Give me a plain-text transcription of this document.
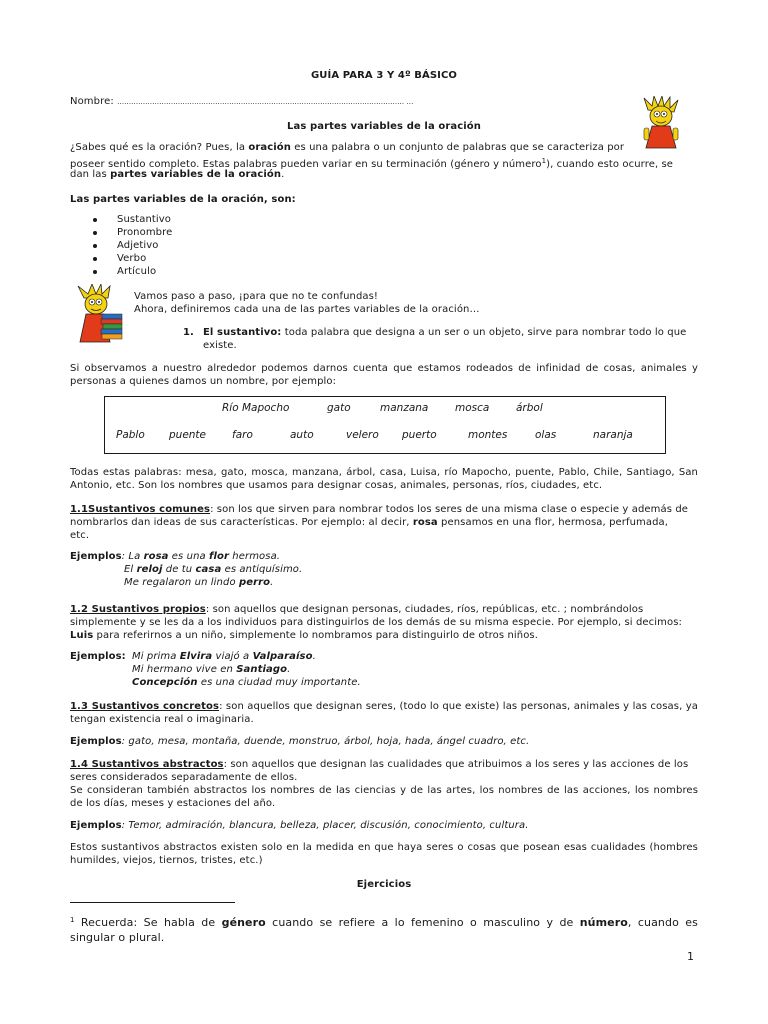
GUÍA PARA 3 Y 4º BÁSICO
Nombre: …………………………………………………………………………………………………………… …
Las partes variables de la oración
¿Sabes qué es la oración? Pues, la oración es una palabra o un conjunto de palabras que se caracteriza por
poseer sentido completo. Estas palabras pueden variar en su terminación (género y número$^1$), cuando esto ocurre, se
dan las partes variables de la oración.
Las partes variables de la oración, son:
Sustantivo
Pronombre
Adjetivo
Verbo
Artículo
Vamos paso a paso, ¡para que no te confundas!
Ahora, definiremos cada una de las partes variables de la oración…
1. El sustantivo: toda palabra que designa a un ser o un objeto, sirve para nombrar todo lo que
existe.
Si observamos a nuestro alrededor podemos darnos cuenta que estamos rodeados de infinidad de cosas, animales y
personas a quienes damos un nombre, por ejemplo:
Río Mapocho	gato	manzana	mosca	árbol
Pablo puente faro	auto	velero puerto	montes	olas	naranja
Todas estas palabras: mesa, gato, mosca, manzana, árbol, casa, Luisa, río Mapocho, puente, Pablo, Chile, Santiago, San
Antonio, etc. Son los nombres que usamos para designar cosas, animales, personas, ríos, ciudades, etc.
1.1Sustantivos comunes: son los que sirven para nombrar todos los seres de una misma clase o especie y además de
nombrarlos dan ideas de sus características. Por ejemplo: al decir, rosa pensamos en una flor, hermosa, perfumada,
etc.
Ejemplos: La rosa es una flor hermosa.
El reloj de tu casa es antiquísimo.
Me regalaron un lindo perro.
1.2 Sustantivos propios: son aquellos que designan personas, ciudades, ríos, repúblicas, etc. ; nombrándolos
simplemente y se les da a los individuos para distinguirlos de los demás de su misma especie. Por ejemplo, si decimos:
Luis para referirnos a un niño, simplemente lo nombramos para distinguirlo de otros niños.
Ejemplos: Mi prima Elvira viajó a Valparaíso.
Mi hermano vive en Santiago.
Concepción es una ciudad muy importante.
1.3 Sustantivos concretos: son aquellos que designan seres, (todo lo que existe) las personas, animales y las cosas, ya
tengan existencia real o imaginaria.
Ejemplos: gato, mesa, montaña, duende, monstruo, árbol, hoja, hada, ángel cuadro, etc.
1.4 Sustantivos abstractos: son aquellos que designan las cualidades que atribuimos a los seres y las acciones de los
seres considerados separadamente de ellos.
Se consideran también abstractos los nombres de las ciencias y de las artes, los nombres de las acciones, los nombres
de los días, meses y estaciones del año.
Ejemplos: Temor, admiración, blancura, belleza, placer, discusión, conocimiento, cultura.
Estos sustantivos abstractos existen solo en la medida en que haya seres o cosas que posean esas cualidades (hombres
humildes, viejos, tiernos, tristes, etc.)
Ejercicios
$^1$ Recuerda: Se habla de género cuando se refiere a lo femenino o masculino y de número, cuando es
singular o plural.
1
